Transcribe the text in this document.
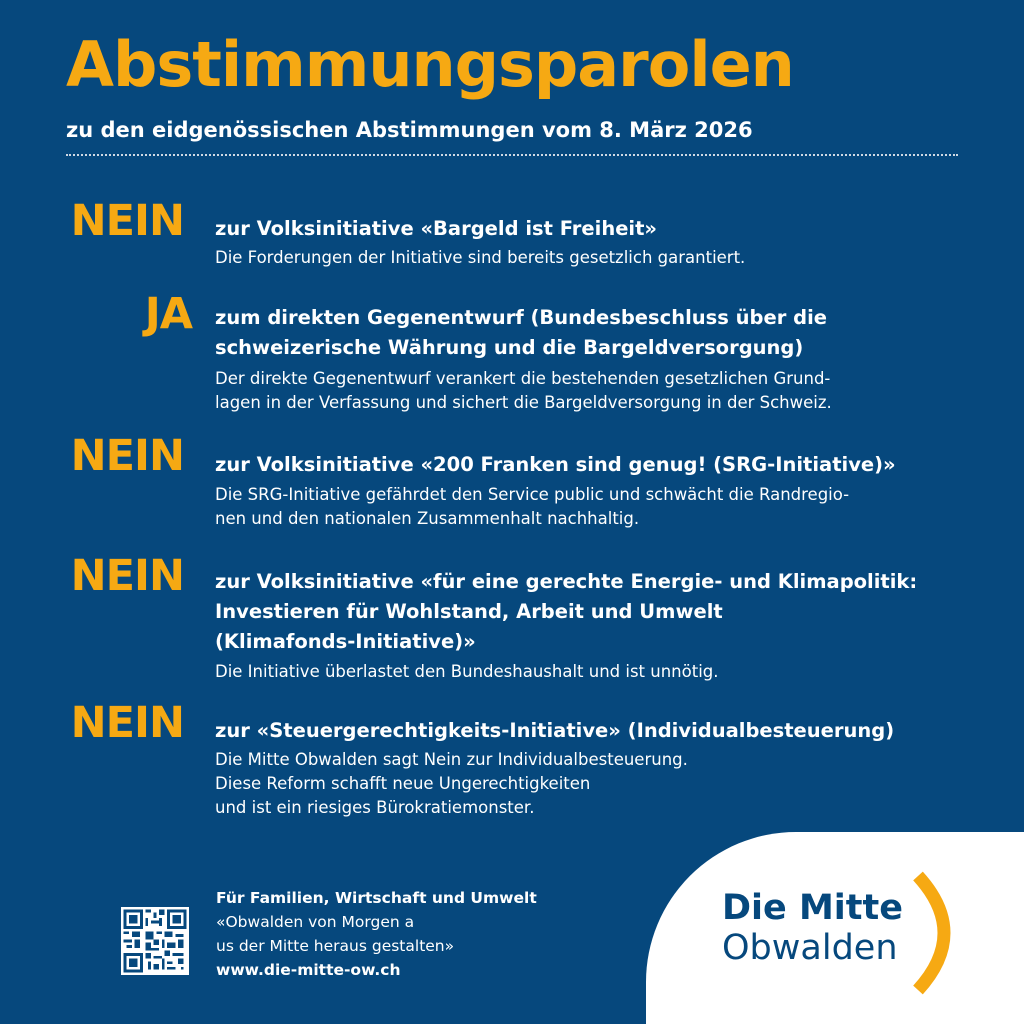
Abstimmungsparolen

zu den eidgenössischen Abstimmungen vom 8. März 2026

NEIN zur Volksinitiative «Bargeld ist Freiheit»
Die Forderungen der Initiative sind bereits gesetzlich garantiert.
JA zum direkten Gegenentwurf (Bundesbeschluss über die
schweizerische Währung und die Bargeldversorgung)
Der direkte Gegenentwurf verankert die bestehenden gesetzlichen Grund-
lagen in der Verfassung und sichert die Bargeldversorgung in der Schweiz.
NEIN zur Volksinitiative «200 Franken sind genug! (SRG-Initiative)»
Die SRG-Initiative gefährdet den Service public und schwächt die Randregio-
nen und den nationalen Zusammenhalt nachhaltig.
NEIN zur Volksinitiative «für eine gerechte Energie- und Klimapolitik:
Investieren für Wohlstand, Arbeit und Umwelt
(Klimafonds-Initiative)»
Die Initiative überlastet den Bundeshaushalt und ist unnötig.
NEIN zur «Steuergerechtigkeits-Initiative» (Individualbesteuerung)
Die Mitte Obwalden sagt Nein zur Individualbesteuerung.
Diese Reform schafft neue Ungerechtigkeiten
und ist ein riesiges Bürokratiemonster.
Für Familien, Wirtschaft und Umwelt
«Obwalden von Morgen a
us der Mitte heraus gestalten»
www.die-mitte-ow.ch
Die Mitte
Obwalden
